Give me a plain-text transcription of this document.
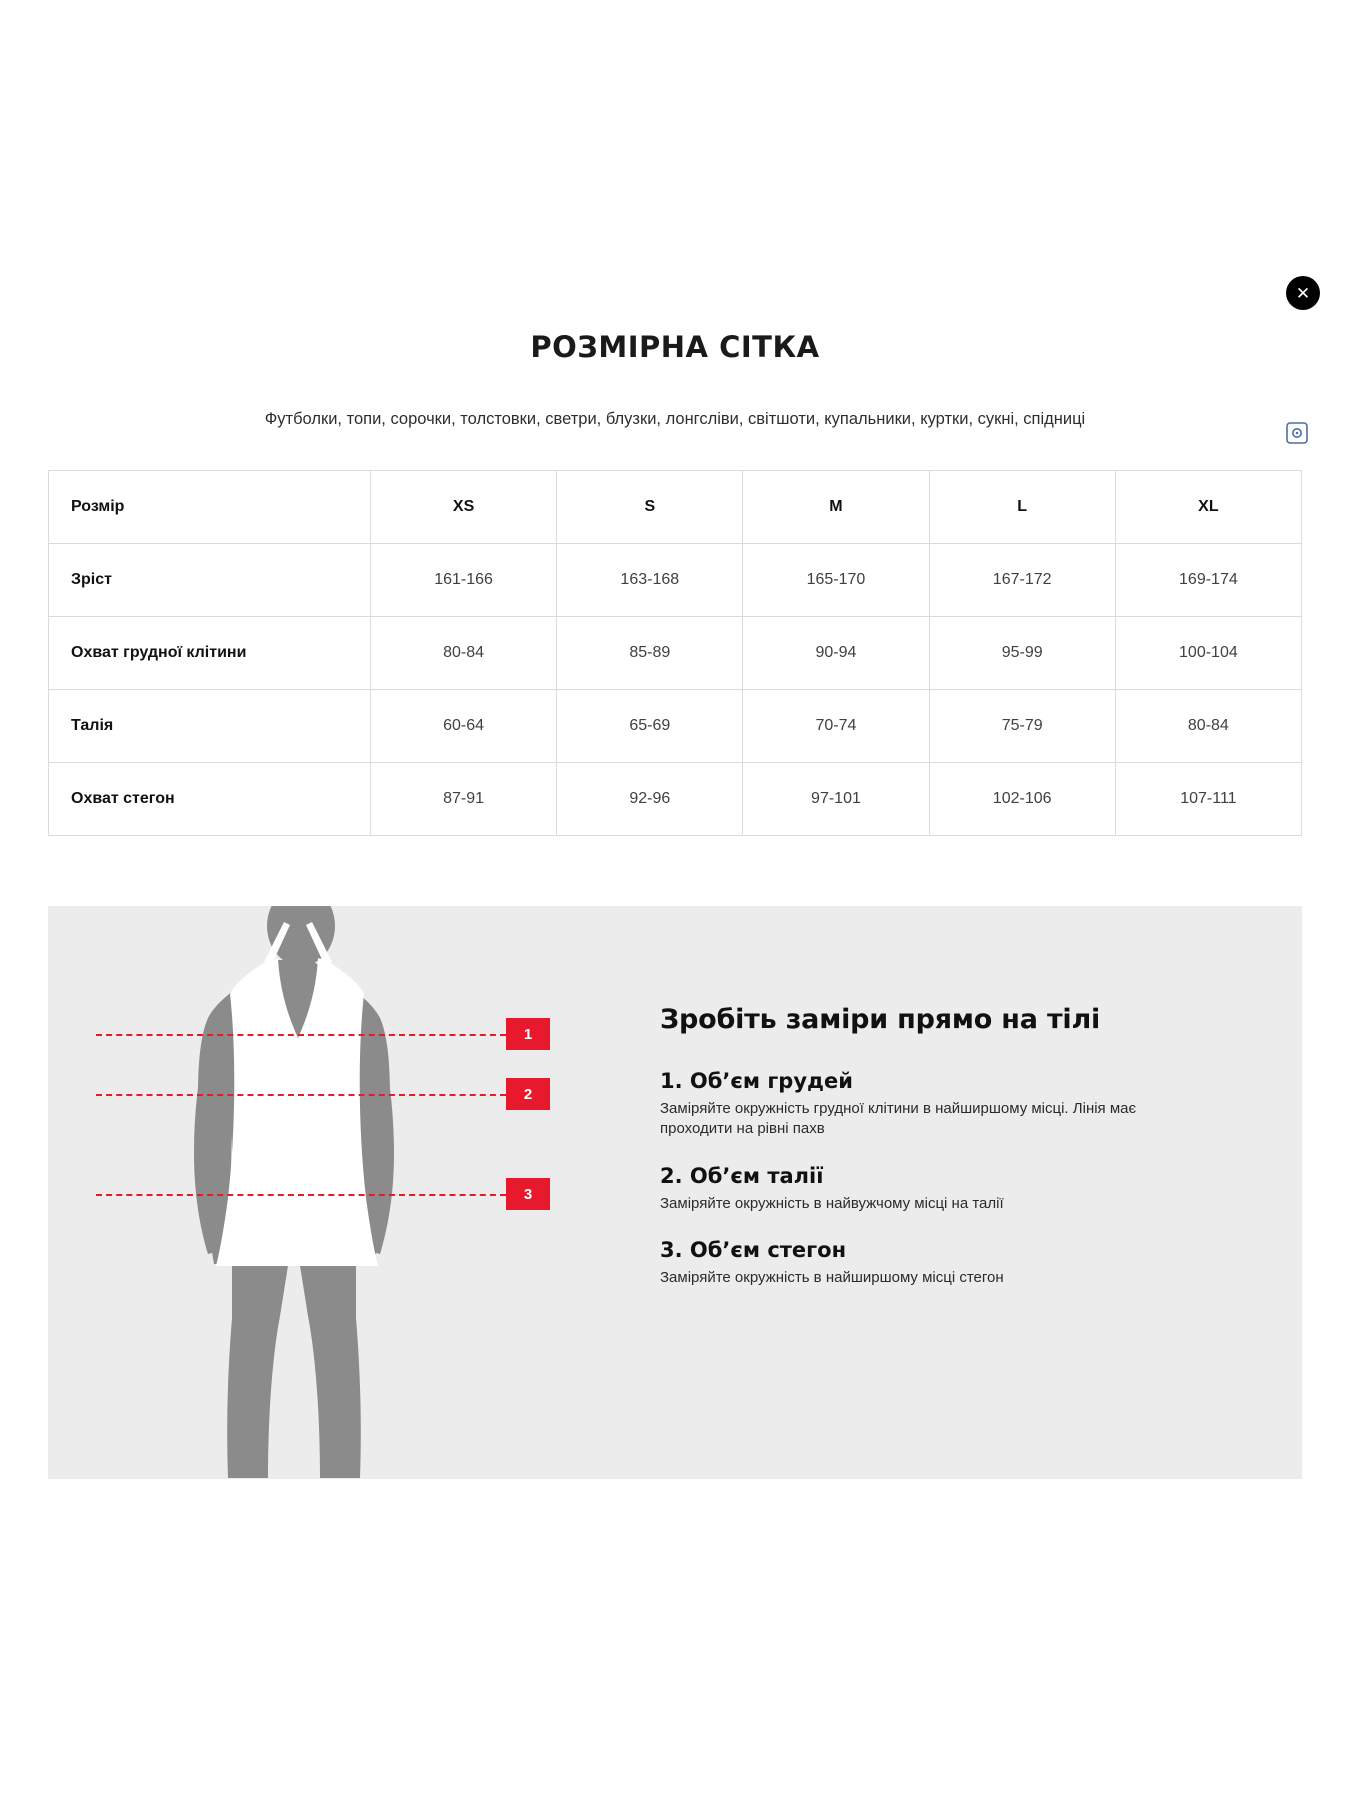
✕
РОЗМІРНА СІТКА
Футболки, топи, сорочки, толстовки, светри, блузки, лонгсліви, світшоти, купальники, куртки, сукні, спідниці
Розмір	XS	S	M	L	XL
Зріст	161-166	163-168	165-170	167-172	169-174
Охват грудної клітини	80-84	85-89	90-94	95-99	100-104
Талія	60-64	65-69	70-74	75-79	80-84
Охват стегон	87-91	92-96	97-101	102-106	107-111
1
2
3
Зробіть заміри прямо на тілі
1. Об’єм грудей

Заміряйте окружність грудної клітини в найширшому місці. Лінія має проходити на рівні пахв

2. Об’єм талії

Заміряйте окружність в найвужчому місці на талії

3. Об’єм стегон

Заміряйте окружність в найширшому місці стегон
